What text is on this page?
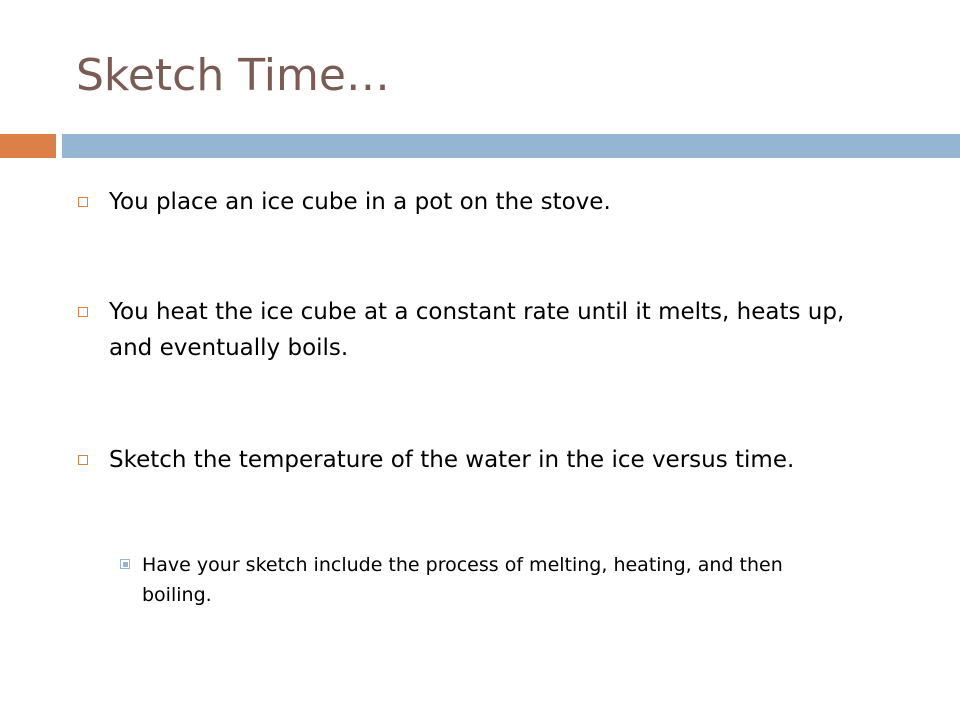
Sketch Time…
You place an ice cube in a pot on the stove.
You heat the ice cube at a constant rate until it melts, heats up, and eventually boils.
Sketch the temperature of the water in the ice versus time.
Have your sketch include the process of melting, heating, and then boiling.
